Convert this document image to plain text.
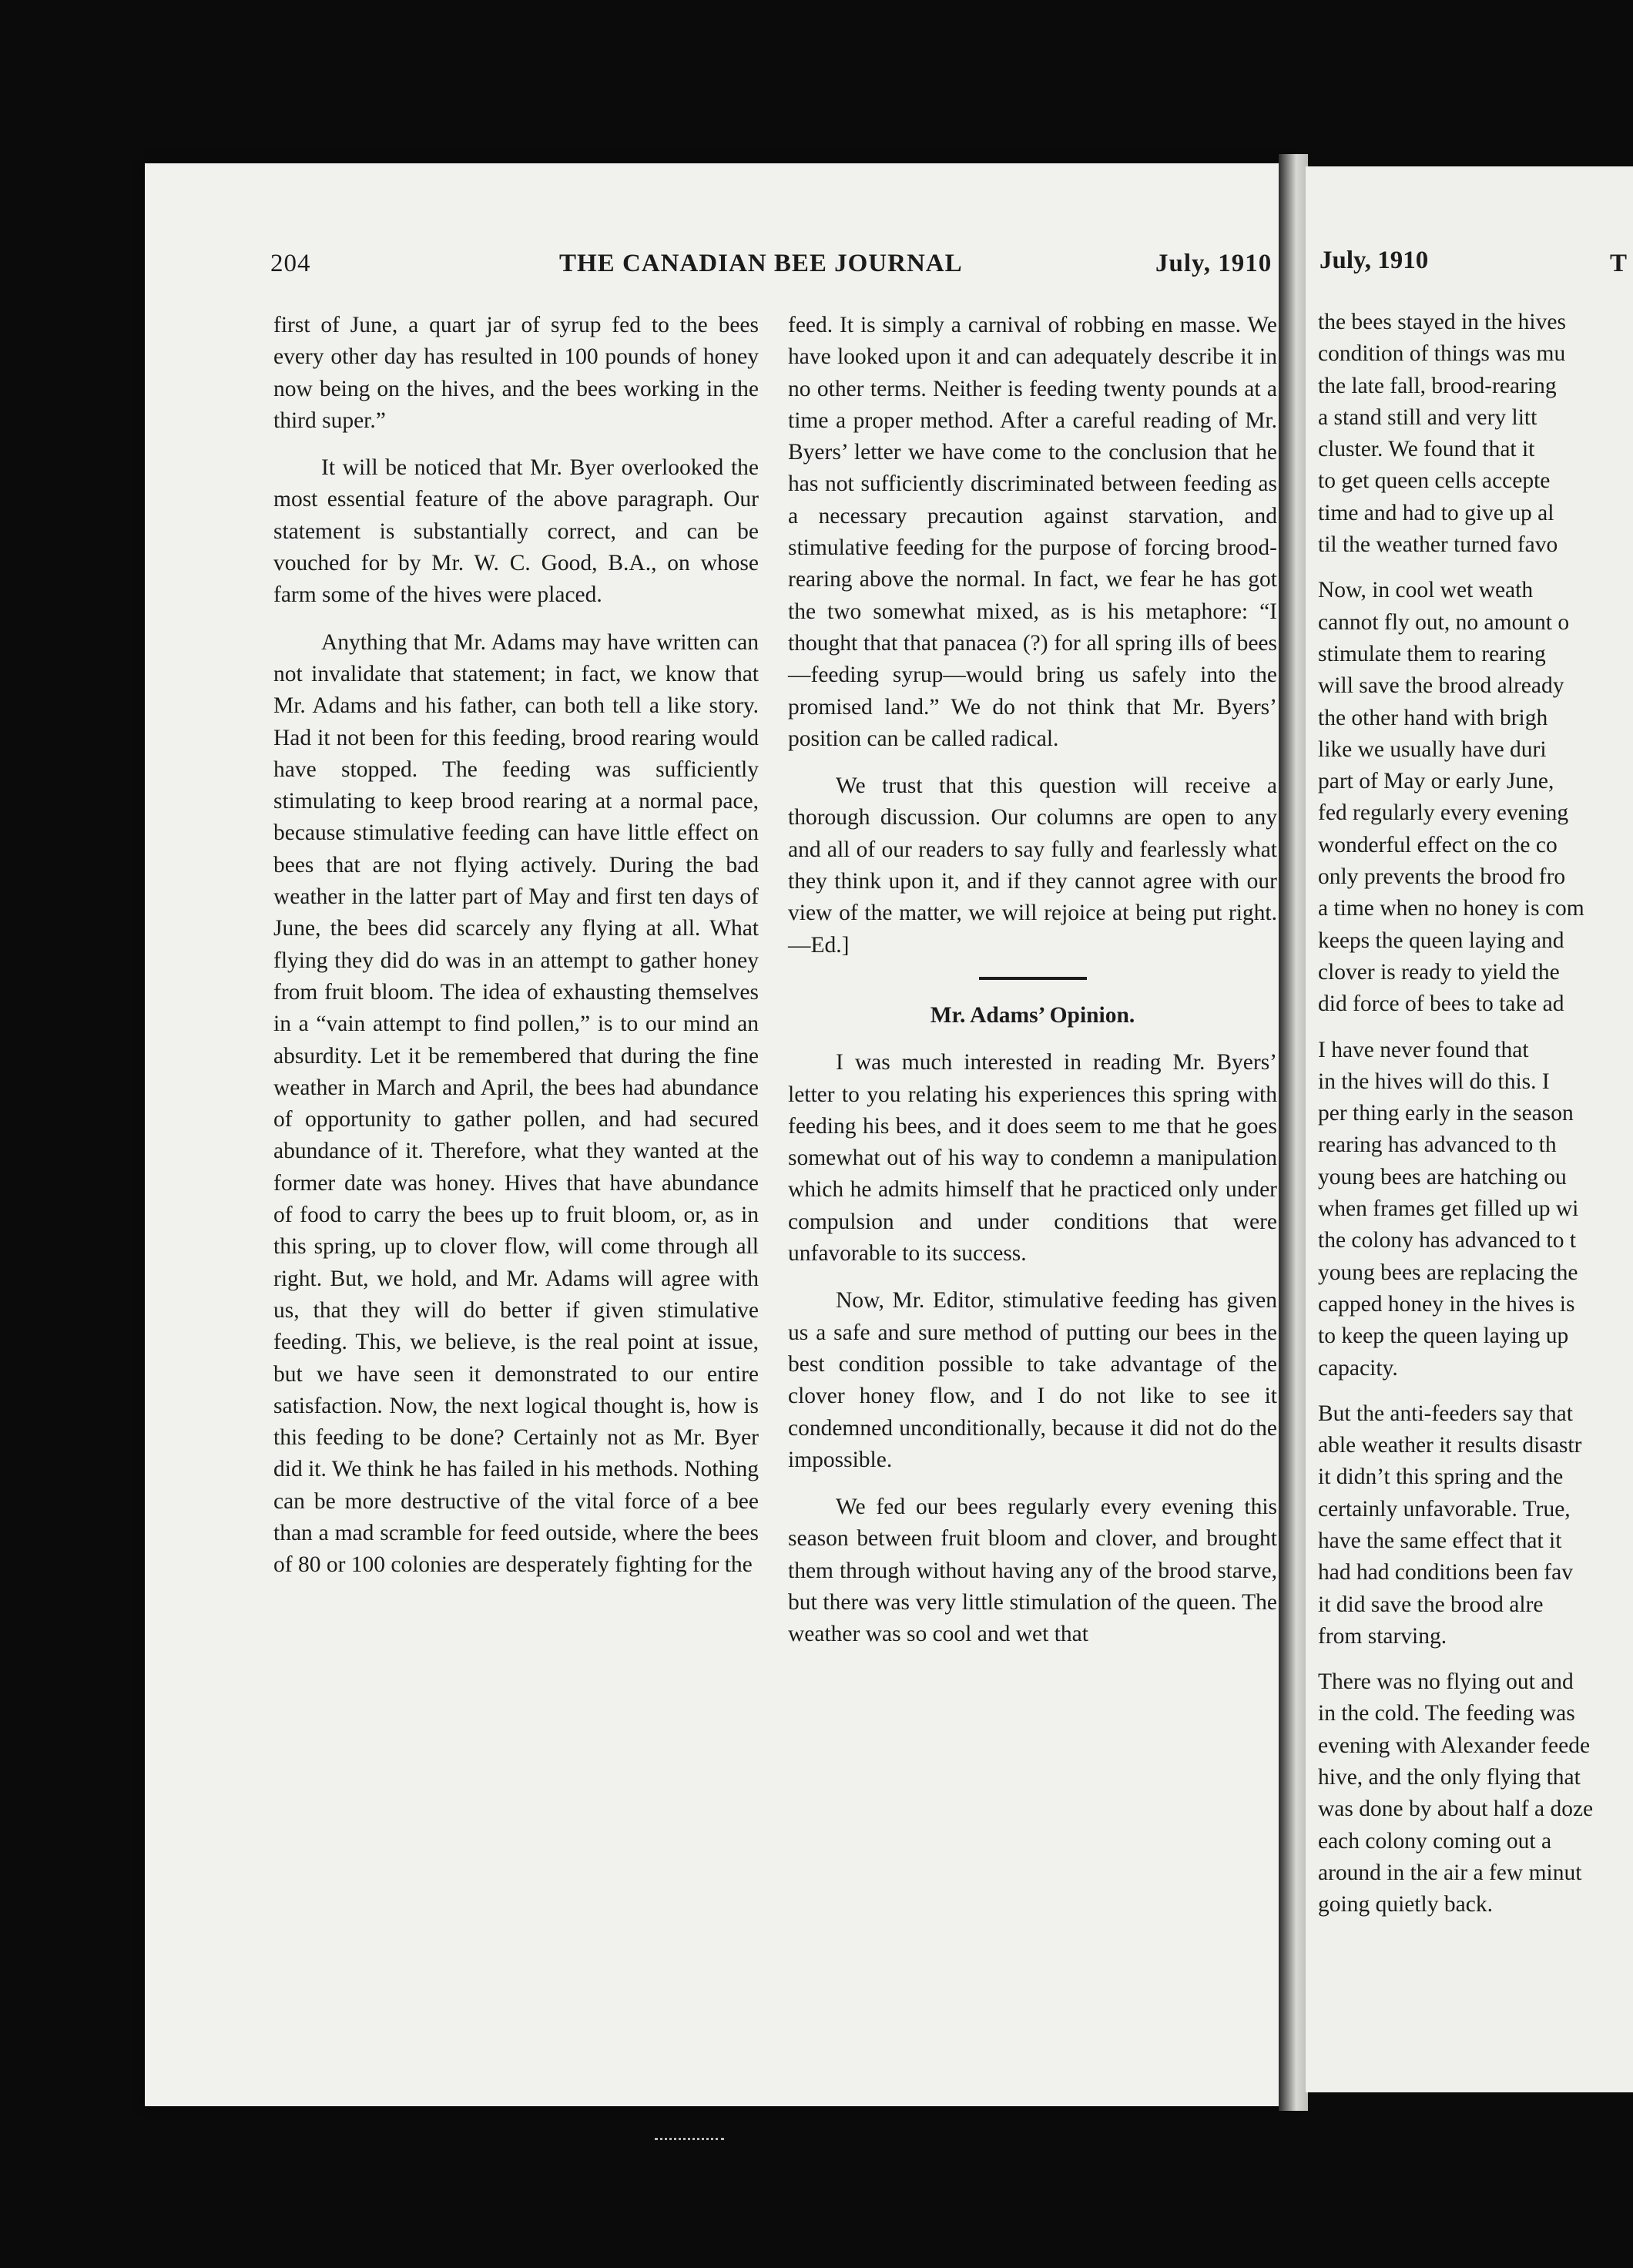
204	THE CANADIAN BEE JOURNAL	July, 1910

first of June, a quart jar of syrup fed to the bees every other day has resulted in 100 pounds of honey now being on the hives, and the bees working in the third super.”

It will be noticed that Mr. Byer overlooked the most essential feature of the above paragraph. Our statement is substantially correct, and can be vouched for by Mr. W. C. Good, B.A., on whose farm some of the hives were placed.

Anything that Mr. Adams may have written can not invalidate that statement; in fact, we know that Mr. Adams and his father, can both tell a like story. Had it not been for this feeding, brood rearing would have stopped. The feeding was sufficiently stimulating to keep brood rearing at a normal pace, because stimulative feeding can have little effect on bees that are not flying actively. During the bad weather in the latter part of May and first ten days of June, the bees did scarcely any flying at all. What flying they did do was in an attempt to gather honey from fruit bloom. The idea of exhausting themselves in a “vain attempt to find pollen,” is to our mind an absurdity. Let it be remembered that during the fine weather in March and April, the bees had abundance of opportunity to gather pollen, and had secured abundance of it. Therefore, what they wanted at the former date was honey. Hives that have abundance of food to carry the bees up to fruit bloom, or, as in this spring, up to clover flow, will come through all right. But, we hold, and Mr. Adams will agree with us, that they will do better if given stimulative feeding. This, we believe, is the real point at issue, but we have seen it demonstrated to our entire satisfaction. Now, the next logical thought is, how is this feeding to be done? Certainly not as Mr. Byer did it. We think he has failed in his methods. Nothing can be more destructive of the vital force of a bee than a mad scramble for feed outside, where the bees of 80 or 100 colonies are desperately fighting for the

feed. It is simply a carnival of robbing en masse. We have looked upon it and can adequately describe it in no other terms. Neither is feeding twenty pounds at a time a proper method. After a careful reading of Mr. Byers’ letter we have come to the conclusion that he has not sufficiently discriminated between feeding as a necessary precaution against starvation, and stimulative feeding for the purpose of forcing brood-rearing above the normal. In fact, we fear he has got the two somewhat mixed, as is his metaphore: “I thought that that panacea (?) for all spring ills of bees—feeding syrup—would bring us safely into the promised land.” We do not think that Mr. Byers’ position can be called radical.

We trust that this question will receive a thorough discussion. Our columns are open to any and all of our readers to say fully and fearlessly what they think upon it, and if they cannot agree with our view of the matter, we will rejoice at being put right.—Ed.]

Mr. Adams’ Opinion.

I was much interested in reading Mr. Byers’ letter to you relating his experiences this spring with feeding his bees, and it does seem to me that he goes somewhat out of his way to condemn a manipulation which he admits himself that he practiced only under compulsion and under conditions that were unfavorable to its success.

Now, Mr. Editor, stimulative feeding has given us a safe and sure method of putting our bees in the best condition possible to take advantage of the clover honey flow, and I do not like to see it condemned unconditionally, because it did not do the impossible.

We fed our bees regularly every evening this season between fruit bloom and clover, and brought them through without having any of the brood starve, but there was very little stimulation of the queen. The weather was so cool and wet that

July, 1910	T

the bees stayed in the hives
condition of things was mu
the late fall, brood-rearing
a stand still and very litt
cluster. We found that it
to get queen cells accepte
time and had to give up al
til the weather turned favo

Now, in cool wet weath
cannot fly out, no amount o
stimulate them to rearing
will save the brood already
the other hand with brigh
like we usually have duri
part of May or early June,
fed regularly every evening
wonderful effect on the co
only prevents the brood fro
a time when no honey is com
keeps the queen laying and
clover is ready to yield the
did force of bees to take ad

I have never found that
in the hives will do this. I
per thing early in the season
rearing has advanced to th
young bees are hatching ou
when frames get filled up wi
the colony has advanced to t
young bees are replacing the
capped honey in the hives is
to keep the queen laying up
capacity.

But the anti-feeders say that
able weather it results disastr
it didn’t this spring and the
certainly unfavorable. True,
have the same effect that it
had had conditions been fav
it did save the brood alre
from starving.

There was no flying out and
in the cold. The feeding was
evening with Alexander feede
hive, and the only flying that
was done by about half a doze
each colony coming out a
around in the air a few minut
going quietly back.
